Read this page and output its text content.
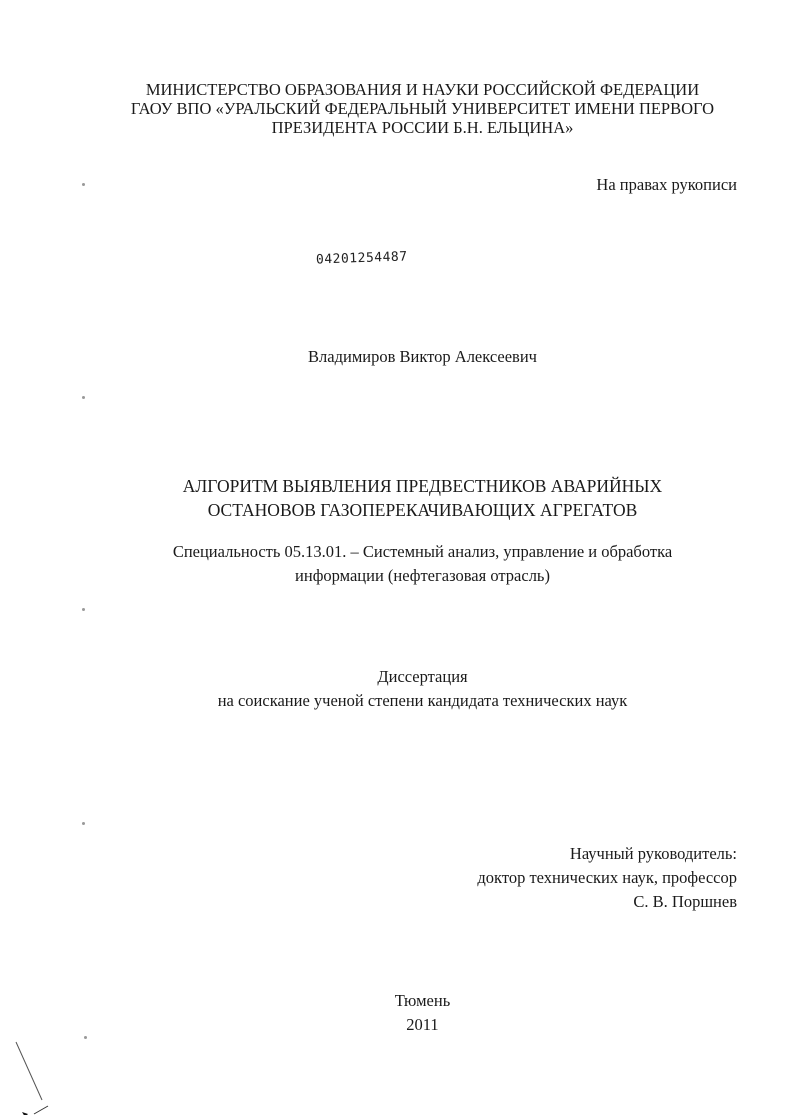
МИНИСТЕРСТВО ОБРАЗОВАНИЯ И НАУКИ РОССИЙСКОЙ ФЕДЕРАЦИИ
ГАОУ ВПО «УРАЛЬСКИЙ ФЕДЕРАЛЬНЫЙ УНИВЕРСИТЕТ ИМЕНИ ПЕРВОГО
ПРЕЗИДЕНТА РОССИИ Б.Н. ЕЛЬЦИНА»
На правах рукописи
04201254487
Владимиров Виктор Алексеевич
АЛГОРИТМ ВЫЯВЛЕНИЯ ПРЕДВЕСТНИКОВ АВАРИЙНЫХ
ОСТАНОВОВ ГАЗОПЕРЕКАЧИВАЮЩИХ АГРЕГАТОВ
Специальность 05.13.01. – Системный анализ, управление и обработка
информации (нефтегазовая отрасль)
Диссертация
на соискание ученой степени кандидата технических наук
Научный руководитель:
доктор технических наук, профессор
С. В. Поршнев
Тюмень
2011
